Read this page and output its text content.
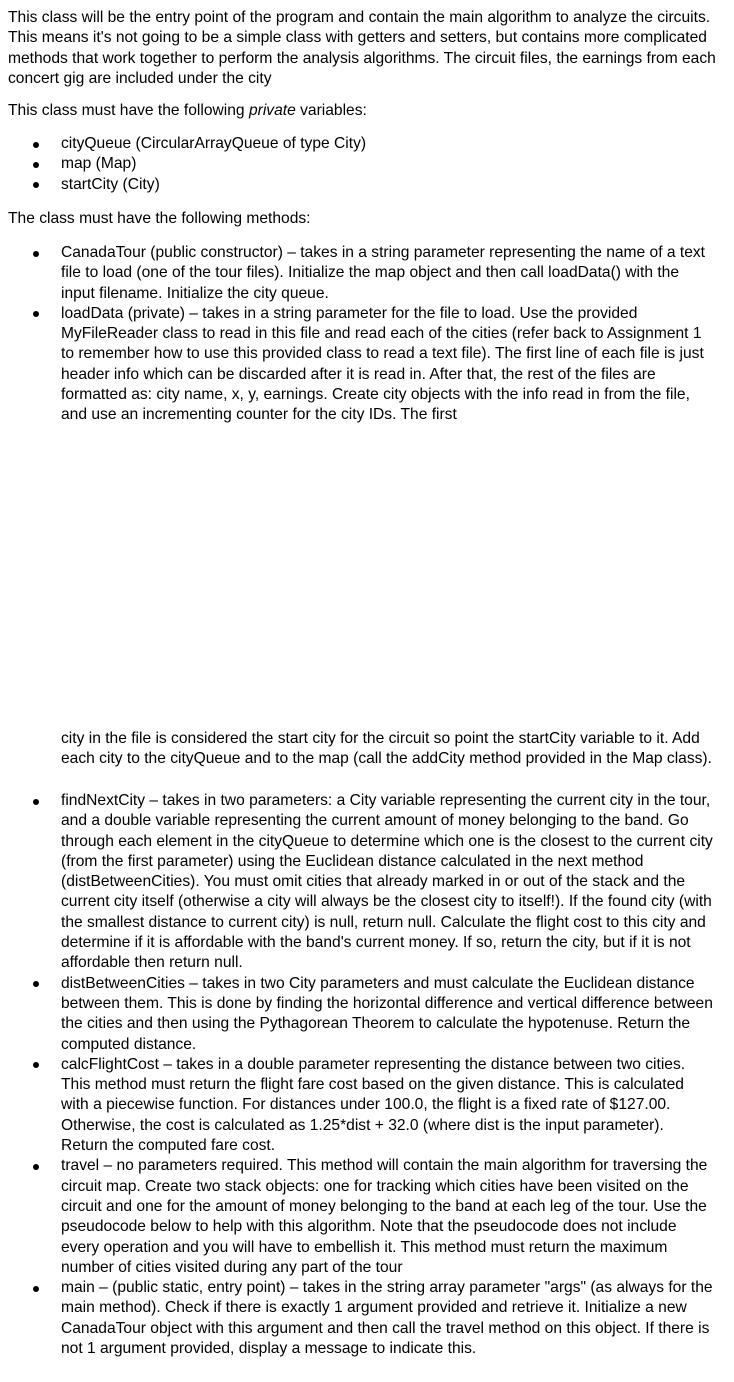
This class will be the entry point of the program and contain the main algorithm to analyze the circuits. This means it's not going to be a simple class with getters and setters, but contains more complicated methods that work together to perform the analysis algorithms. The circuit files, the earnings from each concert gig are included under the city

This class must have the following private variables:

cityQueue (CircularArrayQueue of type City)
map (Map)
startCity (City)

The class must have the following methods:

CanadaTour (public constructor) – takes in a string parameter representing the name of a text file to load (one of the tour files). Initialize the map object and then call loadData() with the input filename. Initialize the city queue.
loadData (private) – takes in a string parameter for the file to load. Use the provided MyFileReader class to read in this file and read each of the cities (refer back to Assignment 1 to remember how to use this provided class to read a text file). The first line of each file is just header info which can be discarded after it is read in. After that, the rest of the files are formatted as: city name, x, y, earnings. Create city objects with the info read in from the file, and use an incrementing counter for the city IDs. The first

city in the file is considered the start city for the circuit so point the startCity variable to it. Add each city to the cityQueue and to the map (call the addCity method provided in the Map class).

findNextCity – takes in two parameters: a City variable representing the current city in the tour, and a double variable representing the current amount of money belonging to the band. Go through each element in the cityQueue to determine which one is the closest to the current city (from the first parameter) using the Euclidean distance calculated in the next method (distBetweenCities). You must omit cities that already marked in or out of the stack and the current city itself (otherwise a city will always be the closest city to itself!). If the found city (with the smallest distance to current city) is null, return null. Calculate the flight cost to this city and determine if it is affordable with the band's current money. If so, return the city, but if it is not affordable then return null.
distBetweenCities – takes in two City parameters and must calculate the Euclidean distance between them. This is done by finding the horizontal difference and vertical difference between the cities and then using the Pythagorean Theorem to calculate the hypotenuse. Return the computed distance.
calcFlightCost – takes in a double parameter representing the distance between two cities. This method must return the flight fare cost based on the given distance. This is calculated with a piecewise function. For distances under 100.0, the flight is a fixed rate of $127.00. Otherwise, the cost is calculated as 1.25*dist + 32.0 (where dist is the input parameter). Return the computed fare cost.
travel – no parameters required. This method will contain the main algorithm for traversing the circuit map. Create two stack objects: one for tracking which cities have been visited on the circuit and one for the amount of money belonging to the band at each leg of the tour. Use the pseudocode below to help with this algorithm. Note that the pseudocode does not include every operation and you will have to embellish it. This method must return the maximum number of cities visited during any part of the tour
main – (public static, entry point) – takes in the string array parameter "args" (as always for the main method). Check if there is exactly 1 argument provided and retrieve it. Initialize a new CanadaTour object with this argument and then call the travel method on this object. If there is not 1 argument provided, display a message to indicate this.
